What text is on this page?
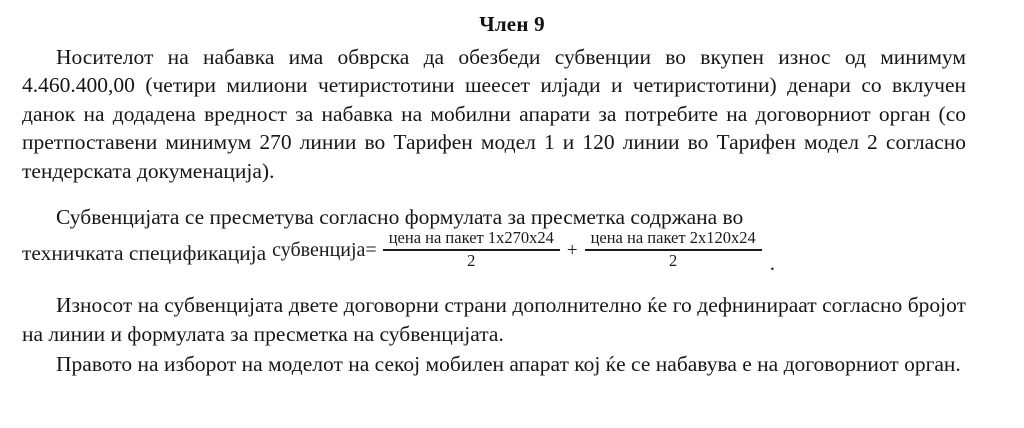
Член 9
Носителот на набавка има обврска да обезбеди субвенции во вкупен износ од минимум 4.460.400,00 (четири милиони четиристотини шеесет илјади и четиристотини) денари со вклучен данок на додадена вредност за набавка на мобилни апарати за потребите на договорниот орган (со претпоставени минимум 270 линии во Тарифен модел 1 и 120 линии во Тарифен модел 2 согласно тендерската докуменација).
Субвенцијата се пресметува согласно формулата за пресметка содржана во
техничката спецификација субвенција= $\frac{\text{цена на пакет 1x270x24}}{2} + \frac{\text{цена на пакет 2x120x24}}{2}$ .
Износот на субвенцијата двете договорни страни дополнително ќе го дефнинираат согласно бројот на линии и формулата за пресметка на субвенцијата.
Правото на изборот на моделот на секој мобилен апарат кој ќе се набавува е на договорниот орган.
